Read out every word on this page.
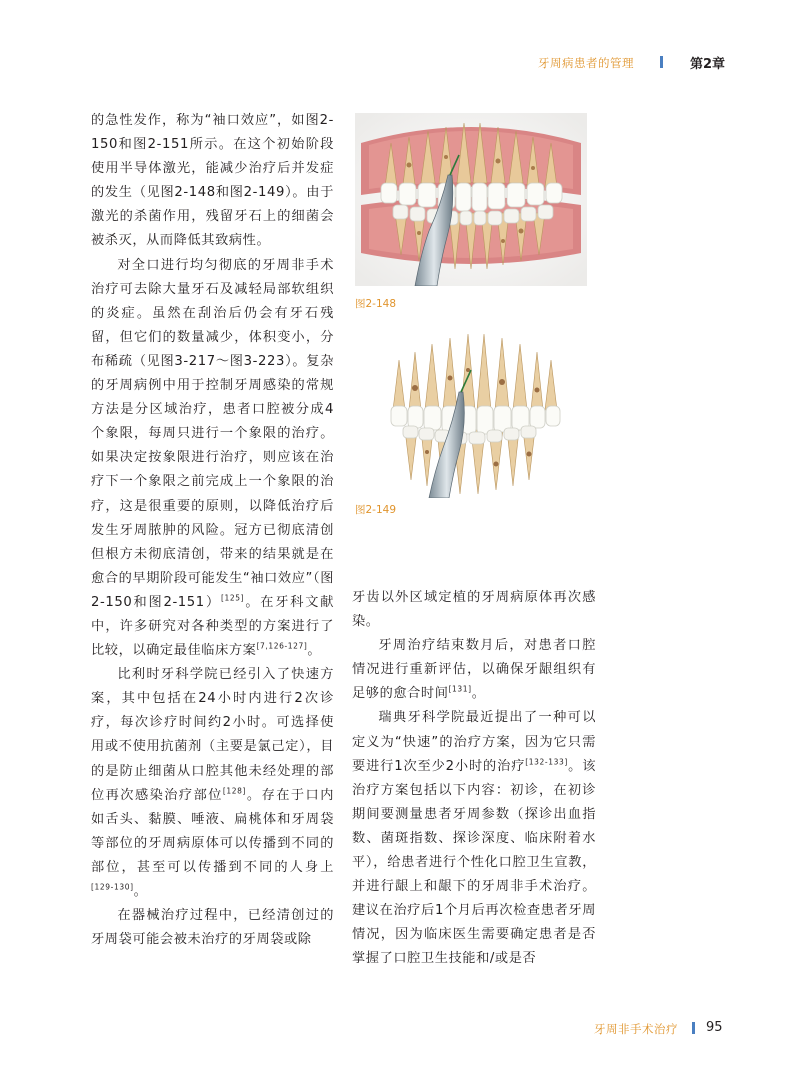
牙周病患者的管理	第2章

的急性发作，称为“袖口效应”，如图2-150和图2-151所示。在这个初始阶段使用半导体激光，能减少治疗后并发症的发生（见图2-148和图2-149）。由于激光的杀菌作用，残留牙石上的细菌会被杀灭，从而降低其致病性。

对全口进行均匀彻底的牙周非手术治疗可去除大量牙石及减轻局部软组织的炎症。虽然在刮治后仍会有牙石残留，但它们的数量减少，体积变小，分布稀疏（见图3-217～图3-223）。复杂的牙周病例中用于控制牙周感染的常规方法是分区域治疗，患者口腔被分成4个象限，每周只进行一个象限的治疗。如果决定按象限进行治疗，则应该在治疗下一个象限之前完成上一个象限的治疗，这是很重要的原则，以降低治疗后发生牙周脓肿的风险。冠方已彻底清创但根方未彻底清创，带来的结果就是在愈合的早期阶段可能发生“袖口效应”（图2-150和图2-151）[125]。在牙科文献中，许多研究对各种类型的方案进行了比较，以确定最佳临床方案[7,126-127]。

比利时牙科学院已经引入了快速方案，其中包括在24小时内进行2次诊疗，每次诊疗时间约2小时。可选择使用或不使用抗菌剂（主要是氯己定），目的是防止细菌从口腔其他未经处理的部位再次感染治疗部位[128]。存在于口内如舌头、黏膜、唾液、扁桃体和牙周袋等部位的牙周病原体可以传播到不同的部位，甚至可以传播到不同的人身上[129-130]。

在器械治疗过程中，已经清创过的牙周袋可能会被未治疗的牙周袋或除

图2-148
图2-149

牙齿以外区域定植的牙周病原体再次感染。

牙周治疗结束数月后，对患者口腔情况进行重新评估，以确保牙龈组织有足够的愈合时间[131]。

瑞典牙科学院最近提出了一种可以定义为“快速”的治疗方案，因为它只需要进行1次至少2小时的治疗[132-133]。该治疗方案包括以下内容：初诊，在初诊期间要测量患者牙周参数（探诊出血指数、菌斑指数、探诊深度、临床附着水平），给患者进行个性化口腔卫生宣教，并进行龈上和龈下的牙周非手术治疗。建议在治疗后1个月后再次检查患者牙周情况，因为临床医生需要确定患者是否掌握了口腔卫生技能和/或是否

牙周非手术治疗 95
